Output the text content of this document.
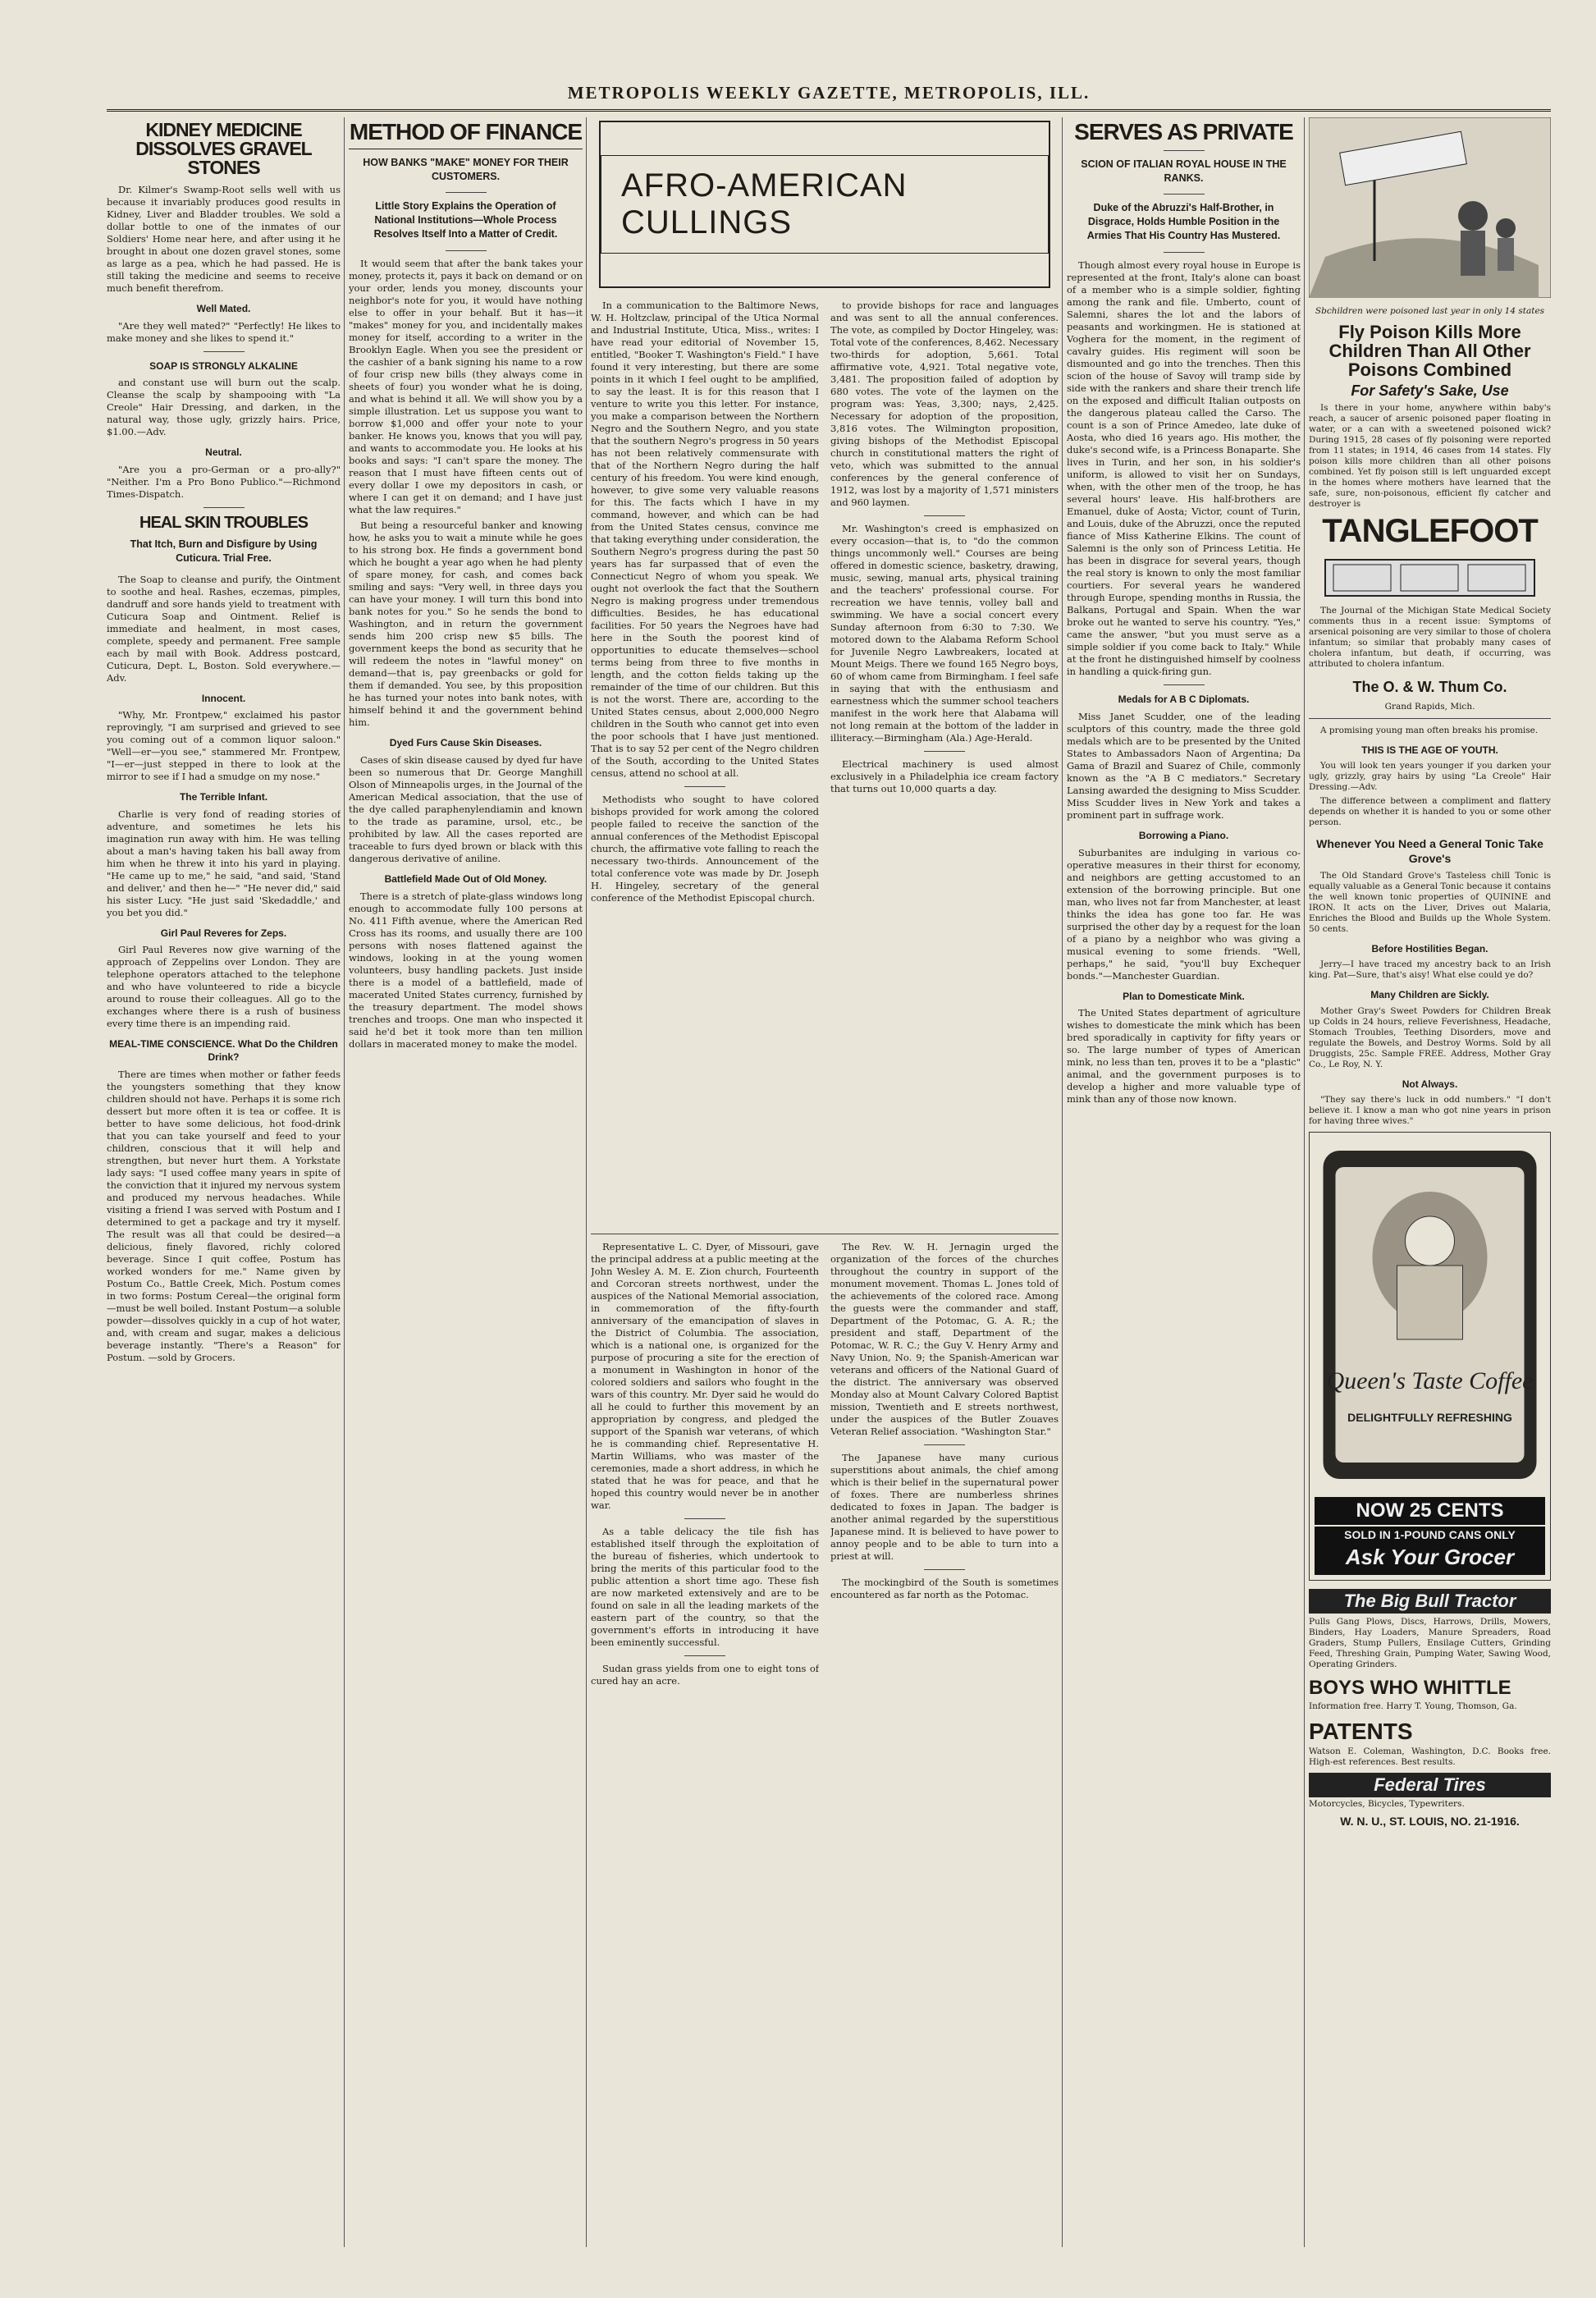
METROPOLIS WEEKLY GAZETTE, METROPOLIS, ILL.
KIDNEY MEDICINE DISSOLVES GRAVEL STONES

Dr. Kilmer's Swamp-Root sells well with us because it invariably produces good results in Kidney, Liver and Bladder troubles. We sold a dollar bottle to one of the inmates of our Soldiers' Home near here, and after using it he brought in about one dozen gravel stones, some as large as a pea, which he had passed. He is still taking the medicine and seems to receive much benefit therefrom.

Well Mated.

"Are they well mated?" "Perfectly! He likes to make money and she likes to spend it."

SOAP IS STRONGLY ALKALINE

and constant use will burn out the scalp. Cleanse the scalp by shampooing with "La Creole" Hair Dressing, and darken, in the natural way, those ugly, grizzly hairs. Price, $1.00.—Adv.

Neutral.

"Are you a pro-German or a pro-ally?" "Neither. I'm a Pro Bono Publico."—Richmond Times-Dispatch.

HEAL SKIN TROUBLES
That Itch, Burn and Disfigure by Using Cuticura. Trial Free.

The Soap to cleanse and purify, the Ointment to soothe and heal. Rashes, eczemas, pimples, dandruff and sore hands yield to treatment with Cuticura Soap and Ointment. Relief is immediate and healment, in most cases, complete, speedy and permanent. Free sample each by mail with Book. Address postcard, Cuticura, Dept. L, Boston. Sold everywhere.—Adv.

Innocent.

"Why, Mr. Frontpew," exclaimed his pastor reprovingly, "I am surprised and grieved to see you coming out of a common liquor saloon." "Well—er—you see," stammered Mr. Frontpew, "I—er—just stepped in there to look at the mirror to see if I had a smudge on my nose."

The Terrible Infant.

Charlie is very fond of reading stories of adventure, and sometimes he lets his imagination run away with him. He was telling about a man's having taken his ball away from him when he threw it into his yard in playing. "He came up to me," he said, "and said, 'Stand and deliver,' and then he—" "He never did," said his sister Lucy. "He just said 'Skedaddle,' and you bet you did."

Girl Paul Reveres for Zeps.

Girl Paul Reveres now give warning of the approach of Zeppelins over London. They are telephone operators attached to the telephone and who have volunteered to ride a bicycle around to rouse their colleagues. All go to the exchanges where there is a rush of business every time there is an impending raid.

MEAL-TIME CONSCIENCE. What Do the Children Drink?

There are times when mother or father feeds the youngsters something that they know children should not have. Perhaps it is some rich dessert but more often it is tea or coffee. It is better to have some delicious, hot food-drink that you can take yourself and feed to your children, conscious that it will help and strengthen, but never hurt them. A Yorkstate lady says: "I used coffee many years in spite of the conviction that it injured my nervous system and produced my nervous headaches. While visiting a friend I was served with Postum and I determined to get a package and try it myself. The result was all that could be desired—a delicious, finely flavored, richly colored beverage. Since I quit coffee, Postum has worked wonders for me." Name given by Postum Co., Battle Creek, Mich. Postum comes in two forms: Postum Cereal—the original form—must be well boiled. Instant Postum—a soluble powder—dissolves quickly in a cup of hot water, and, with cream and sugar, makes a delicious beverage instantly. "There's a Reason" for Postum. —sold by Grocers.

METHOD OF FINANCE
HOW BANKS "MAKE" MONEY FOR THEIR CUSTOMERS.
Little Story Explains the Operation of National Institutions—Whole Process Resolves Itself Into a Matter of Credit.

It would seem that after the bank takes your money, protects it, pays it back on demand or on your order, lends you money, discounts your neighbor's note for you, it would have nothing else to offer in your behalf. But it has—it "makes" money for you, and incidentally makes money for itself, according to a writer in the Brooklyn Eagle. When you see the president or the cashier of a bank signing his name to a row of four crisp new bills (they always come in sheets of four) you wonder what he is doing, and what is behind it all. We will show you by a simple illustration. Let us suppose you want to borrow $1,000 and offer your note to your banker. He knows you, knows that you will pay, and wants to accommodate you. He looks at his books and says: "I can't spare the money. The reason that I must have fifteen cents out of every dollar I owe my depositors in cash, or where I can get it on demand; and I have just what the law requires."

But being a resourceful banker and knowing how, he asks you to wait a minute while he goes to his strong box. He finds a government bond which he bought a year ago when he had plenty of spare money, for cash, and comes back smiling and says: "Very well, in three days you can have your money. I will turn this bond into bank notes for you." So he sends the bond to Washington, and in return the government sends him 200 crisp new $5 bills. The government keeps the bond as security that he will redeem the notes in "lawful money" on demand—that is, pay greenbacks or gold for them if demanded. You see, by this proposition he has turned your notes into bank notes, with himself behind it and the government behind him.

Dyed Furs Cause Skin Diseases.

Cases of skin disease caused by dyed fur have been so numerous that Dr. George Manghill Olson of Minneapolis urges, in the Journal of the American Medical association, that the use of the dye called paraphenylendiamin and known to the trade as paramine, ursol, etc., be prohibited by law. All the cases reported are traceable to furs dyed brown or black with this dangerous derivative of aniline.

Battlefield Made Out of Old Money.

There is a stretch of plate-glass windows long enough to accommodate fully 100 persons at No. 411 Fifth avenue, where the American Red Cross has its rooms, and usually there are 100 persons with noses flattened against the windows, looking in at the young women volunteers, busy handling packets. Just inside there is a model of a battlefield, made of macerated United States currency, furnished by the treasury department. The model shows trenches and troops. One man who inspected it said he'd bet it took more than ten million dollars in macerated money to make the model.

AFRO-AMERICAN CULLINGS

In a communication to the Baltimore News, W. H. Holtzclaw, principal of the Utica Normal and Industrial Institute, Utica, Miss., writes: I have read your editorial of November 15, entitled, "Booker T. Washington's Field." I have found it very interesting, but there are some points in it which I feel ought to be amplified, to say the least. It is for this reason that I venture to write you this letter. For instance, you make a comparison between the Northern Negro and the Southern Negro, and you state that the southern Negro's progress in 50 years has not been relatively commensurate with that of the Northern Negro during the half century of his freedom. You were kind enough, however, to give some very valuable reasons for this. The facts which I have in my command, however, and which can be had from the United States census, convince me that taking everything under consideration, the Southern Negro's progress during the past 50 years has far surpassed that of even the Connecticut Negro of whom you speak. We ought not overlook the fact that the Southern Negro is making progress under tremendous difficulties. Besides, he has educational facilities. For 50 years the Negroes have had here in the South the poorest kind of opportunities to educate themselves—school terms being from three to five months in length, and the cotton fields taking up the remainder of the time of our children. But this is not the worst. There are, according to the United States census, about 2,000,000 Negro children in the South who cannot get into even the poor schools that I have just mentioned. That is to say 52 per cent of the Negro children of the South, according to the United States census, attend no school at all.

Methodists who sought to have colored bishops provided for work among the colored people failed to receive the sanction of the annual conferences of the Methodist Episcopal church, the affirmative vote falling to reach the necessary two-thirds. Announcement of the total conference vote was made by Dr. Joseph H. Hingeley, secretary of the general conference of the Methodist Episcopal church.

to provide bishops for race and languages and was sent to all the annual conferences. The vote, as compiled by Doctor Hingeley, was: Total vote of the conferences, 8,462. Necessary two-thirds for adoption, 5,661. Total affirmative vote, 4,921. Total negative vote, 3,481. The proposition failed of adoption by 680 votes. The vote of the laymen on the program was: Yeas, 3,300; nays, 2,425. Necessary for adoption of the proposition, 3,816 votes. The Wilmington proposition, giving bishops of the Methodist Episcopal church in constitutional matters the right of veto, which was submitted to the annual conferences by the general conference of 1912, was lost by a majority of 1,571 ministers and 960 laymen.

Mr. Washington's creed is emphasized on every occasion—that is, to "do the common things uncommonly well." Courses are being offered in domestic science, basketry, drawing, music, sewing, manual arts, physical training and the teachers' professional course. For recreation we have tennis, volley ball and swimming. We have a social concert every Sunday afternoon from 6:30 to 7:30. We motored down to the Alabama Reform School for Juvenile Negro Lawbreakers, located at Mount Meigs. There we found 165 Negro boys, 60 of whom came from Birmingham. I feel safe in saying that with the enthusiasm and earnestness which the summer school teachers manifest in the work here that Alabama will not long remain at the bottom of the ladder in illiteracy.—Birmingham (Ala.) Age-Herald.

Electrical machinery is used almost exclusively in a Philadelphia ice cream factory that turns out 10,000 quarts a day.

Representative L. C. Dyer, of Missouri, gave the principal address at a public meeting at the John Wesley A. M. E. Zion church, Fourteenth and Corcoran streets northwest, under the auspices of the National Memorial association, in commemoration of the fifty-fourth anniversary of the emancipation of slaves in the District of Columbia. The association, which is a national one, is organized for the purpose of procuring a site for the erection of a monument in Washington in honor of the colored soldiers and sailors who fought in the wars of this country. Mr. Dyer said he would do all he could to further this movement by an appropriation by congress, and pledged the support of the Spanish war veterans, of which he is commanding chief. Representative H. Martin Williams, who was master of the ceremonies, made a short address, in which he stated that he was for peace, and that he hoped this country would never be in another war.

As a table delicacy the tile fish has established itself through the exploitation of the bureau of fisheries, which undertook to bring the merits of this particular food to the public attention a short time ago. These fish are now marketed extensively and are to be found on sale in all the leading markets of the eastern part of the country, so that the government's efforts in introducing it have been eminently successful.

Sudan grass yields from one to eight tons of cured hay an acre.

The Rev. W. H. Jernagin urged the organization of the forces of the churches throughout the country in support of the monument movement. Thomas L. Jones told of the achievements of the colored race. Among the guests were the commander and staff, Department of the Potomac, G. A. R.; the president and staff, Department of the Potomac, W. R. C.; the Guy V. Henry Army and Navy Union, No. 9; the Spanish-American war veterans and officers of the National Guard of the district. The anniversary was observed Monday also at Mount Calvary Colored Baptist mission, Twentieth and E streets northwest, under the auspices of the Butler Zouaves Veteran Relief association. "Washington Star."

The Japanese have many curious superstitions about animals, the chief among which is their belief in the supernatural power of foxes. There are numberless shrines dedicated to foxes in Japan. The badger is another animal regarded by the superstitious Japanese mind. It is believed to have power to annoy people and to be able to turn into a priest at will.

The mockingbird of the South is sometimes encountered as far north as the Potomac.

SERVES AS PRIVATE
SCION OF ITALIAN ROYAL HOUSE IN THE RANKS.
Duke of the Abruzzi's Half-Brother, in Disgrace, Holds Humble Position in the Armies That His Country Has Mustered.

Though almost every royal house in Europe is represented at the front, Italy's alone can boast of a member who is a simple soldier, fighting among the rank and file. Umberto, count of Salemni, shares the lot and the labors of peasants and workingmen. He is stationed at Voghera for the moment, in the regiment of cavalry guides. His regiment will soon be dismounted and go into the trenches. Then this scion of the house of Savoy will tramp side by side with the rankers and share their trench life on the exposed and difficult Italian outposts on the dangerous plateau called the Carso. The count is a son of Prince Amedeo, late duke of Aosta, who died 16 years ago. His mother, the duke's second wife, is a Princess Bonaparte. She lives in Turin, and her son, in his soldier's uniform, is allowed to visit her on Sundays, when, with the other men of the troop, he has several hours' leave. His half-brothers are Emanuel, duke of Aosta; Victor, count of Turin, and Louis, duke of the Abruzzi, once the reputed fiance of Miss Katherine Elkins. The count of Salemni is the only son of Princess Letitia. He has been in disgrace for several years, though the real story is known to only the most familiar courtiers. For several years he wandered through Europe, spending months in Russia, the Balkans, Portugal and Spain. When the war broke out he wanted to serve his country. "Yes," came the answer, "but you must serve as a simple soldier if you come back to Italy." While at the front he distinguished himself by coolness in handling a quick-firing gun.

Medals for A B C Diplomats.

Miss Janet Scudder, one of the leading sculptors of this country, made the three gold medals which are to be presented by the United States to Ambassadors Naon of Argentina; Da Gama of Brazil and Suarez of Chile, commonly known as the "A B C mediators." Secretary Lansing awarded the designing to Miss Scudder. Miss Scudder lives in New York and takes a prominent part in suffrage work.

Borrowing a Piano.

Suburbanites are indulging in various co-operative measures in their thirst for economy, and neighbors are getting accustomed to an extension of the borrowing principle. But one man, who lives not far from Manchester, at least thinks the idea has gone too far. He was surprised the other day by a request for the loan of a piano by a neighbor who was giving a musical evening to some friends. "Well, perhaps," he said, "you'll buy Exchequer bonds."—Manchester Guardian.

Plan to Domesticate Mink.

The United States department of agriculture wishes to domesticate the mink which has been bred sporadically in captivity for fifty years or so. The large number of types of American mink, no less than ten, proves it to be a "plastic" animal, and the government purposes is to develop a higher and more valuable type of mink than any of those now known.

Sbchildren were poisoned last year in only 14 states
Fly Poison Kills More Children Than All Other Poisons Combined
For Safety's Sake, Use

Is there in your home, anywhere within baby's reach, a saucer of arsenic poisoned paper floating in water, or a can with a sweetened poisoned wick? During 1915, 28 cases of fly poisoning were reported from 11 states; in 1914, 46 cases from 14 states. Fly poison kills more children than all other poisons combined. Yet fly poison still is left unguarded except in the homes where mothers have learned that the safe, sure, non-poisonous, efficient fly catcher and destroyer is

TANGLEFOOT

The Journal of the Michigan State Medical Society comments thus in a recent issue: Symptoms of arsenical poisoning are very similar to those of cholera infantum; so similar that probably many cases of cholera infantum, but death, if occurring, was attributed to cholera infantum.

The O. & W. Thum Co.
Grand Rapids, Mich.

A promising young man often breaks his promise.

THIS IS THE AGE OF YOUTH.

You will look ten years younger if you darken your ugly, grizzly, gray hairs by using "La Creole" Hair Dressing.—Adv.

The difference between a compliment and flattery depends on whether it is handed to you or some other person.

Whenever You Need a General Tonic Take Grove's

The Old Standard Grove's Tasteless chill Tonic is equally valuable as a General Tonic because it contains the well known tonic properties of QUININE and IRON. It acts on the Liver, Drives out Malaria, Enriches the Blood and Builds up the Whole System. 50 cents.

Before Hostilities Began.

Jerry—I have traced my ancestry back to an Irish king. Pat—Sure, that's aisy! What else could ye do?

Many Children are Sickly.

Mother Gray's Sweet Powders for Children Break up Colds in 24 hours, relieve Feverishness, Headache, Stomach Troubles, Teething Disorders, move and regulate the Bowels, and Destroy Worms. Sold by all Druggists, 25c. Sample FREE. Address, Mother Gray Co., Le Roy, N. Y.

Not Always.

"They say there's luck in odd numbers." "I don't believe it. I know a man who got nine years in prison for having three wives."

Queen's Taste Coffee
DELIGHTFULLY REFRESHING
NOW 25 CENTS
SOLD IN 1-POUND CANS ONLY
Ask Your Grocer
The Big Bull Tractor

Pulls Gang Plows, Discs, Harrows, Drills, Mowers, Binders, Hay Loaders, Manure Spreaders, Road Graders, Stump Pullers, Ensilage Cutters, Grinding Feed, Threshing Grain, Pumping Water, Sawing Wood, Operating Grinders.

BOYS WHO WHITTLE

Information free. Harry T. Young, Thomson, Ga.

PATENTS

Watson E. Coleman, Washington, D.C. Books free. High-est references. Best results.

Federal Tires

Motorcycles, Bicycles, Typewriters.

W. N. U., ST. LOUIS, NO. 21-1916.
